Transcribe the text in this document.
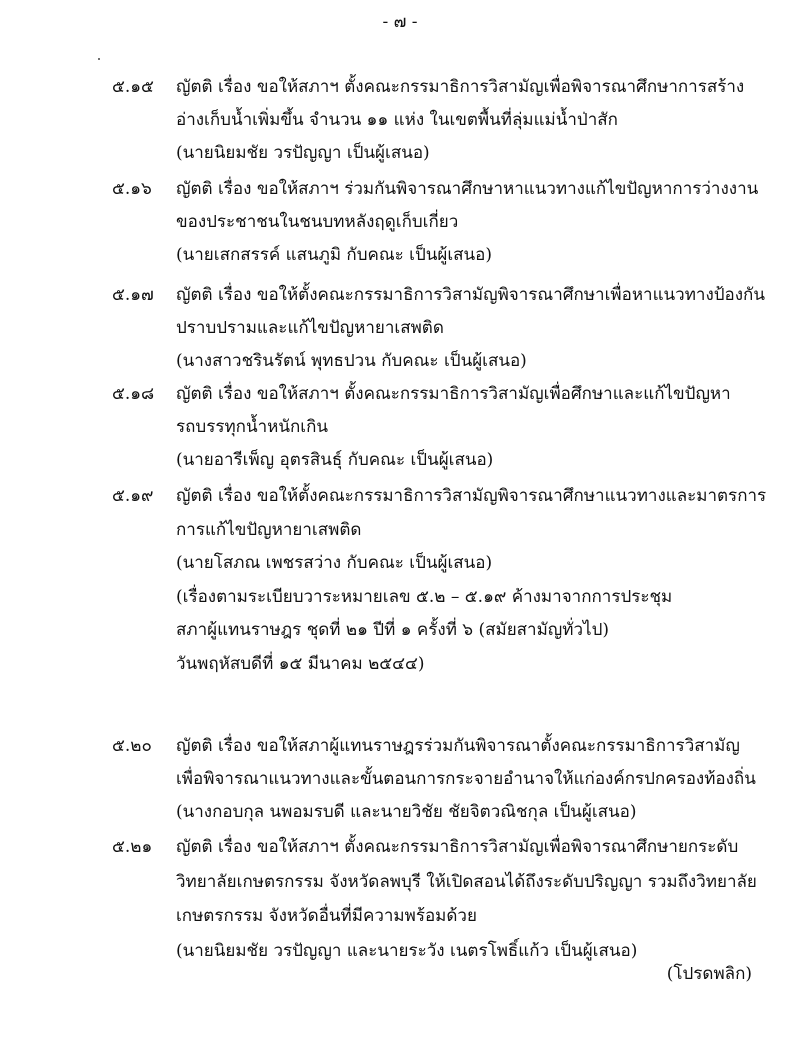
- ๗ -
๕.๑๕ ญัตติ เรื่อง ขอให้สภาฯ ตั้งคณะกรรมาธิการวิสามัญเพื่อพิจารณาศึกษาการสร้าง
อ่างเก็บน้ำเพิ่มขึ้น จำนวน ๑๑ แห่ง ในเขตพื้นที่ลุ่มแม่น้ำป่าสัก
(นายนิยมชัย วรปัญญา เป็นผู้เสนอ)
๕.๑๖ ญัตติ เรื่อง ขอให้สภาฯ ร่วมกันพิจารณาศึกษาหาแนวทางแก้ไขปัญหาการว่างงาน
ของประชาชนในชนบทหลังฤดูเก็บเกี่ยว
(นายเสกสรรค์ แสนภูมิ กับคณะ เป็นผู้เสนอ)
๕.๑๗ ญัตติ เรื่อง ขอให้ตั้งคณะกรรมาธิการวิสามัญพิจารณาศึกษาเพื่อหาแนวทางป้องกัน
ปราบปรามและแก้ไขปัญหายาเสพติด
(นางสาวชรินรัตน์ พุทธปวน กับคณะ เป็นผู้เสนอ)
๕.๑๘ ญัตติ เรื่อง ขอให้สภาฯ ตั้งคณะกรรมาธิการวิสามัญเพื่อศึกษาและแก้ไขปัญหา
รถบรรทุกน้ำหนักเกิน
(นายอารีเพ็ญ อุตรสินธุ์ กับคณะ เป็นผู้เสนอ)
๕.๑๙ ญัตติ เรื่อง ขอให้ตั้งคณะกรรมาธิการวิสามัญพิจารณาศึกษาแนวทางและมาตรการ
การแก้ไขปัญหายาเสพติด
(นายโสภณ เพชรสว่าง กับคณะ เป็นผู้เสนอ)
(เรื่องตามระเบียบวาระหมายเลข ๕.๒ – ๕.๑๙ ค้างมาจากการประชุม
สภาผู้แทนราษฎร ชุดที่ ๒๑ ปีที่ ๑ ครั้งที่ ๖ (สมัยสามัญทั่วไป)
วันพฤหัสบดีที่ ๑๕ มีนาคม ๒๕๔๔)
๕.๒๐ ญัตติ เรื่อง ขอให้สภาผู้แทนราษฎรร่วมกันพิจารณาตั้งคณะกรรมาธิการวิสามัญ
เพื่อพิจารณาแนวทางและขั้นตอนการกระจายอำนาจให้แก่องค์กรปกครองท้องถิ่น
(นางกอบกุล นพอมรบดี และนายวิชัย ชัยจิตวณิชกุล เป็นผู้เสนอ)
๕.๒๑ ญัตติ เรื่อง ขอให้สภาฯ ตั้งคณะกรรมาธิการวิสามัญเพื่อพิจารณาศึกษายกระดับ
วิทยาลัยเกษตรกรรม จังหวัดลพบุรี ให้เปิดสอนได้ถึงระดับปริญญา รวมถึงวิทยาลัย
เกษตรกรรม จังหวัดอื่นที่มีความพร้อมด้วย
(นายนิยมชัย วรปัญญา และนายระวัง เนตรโพธิ์แก้ว เป็นผู้เสนอ)
(โปรดพลิก)
